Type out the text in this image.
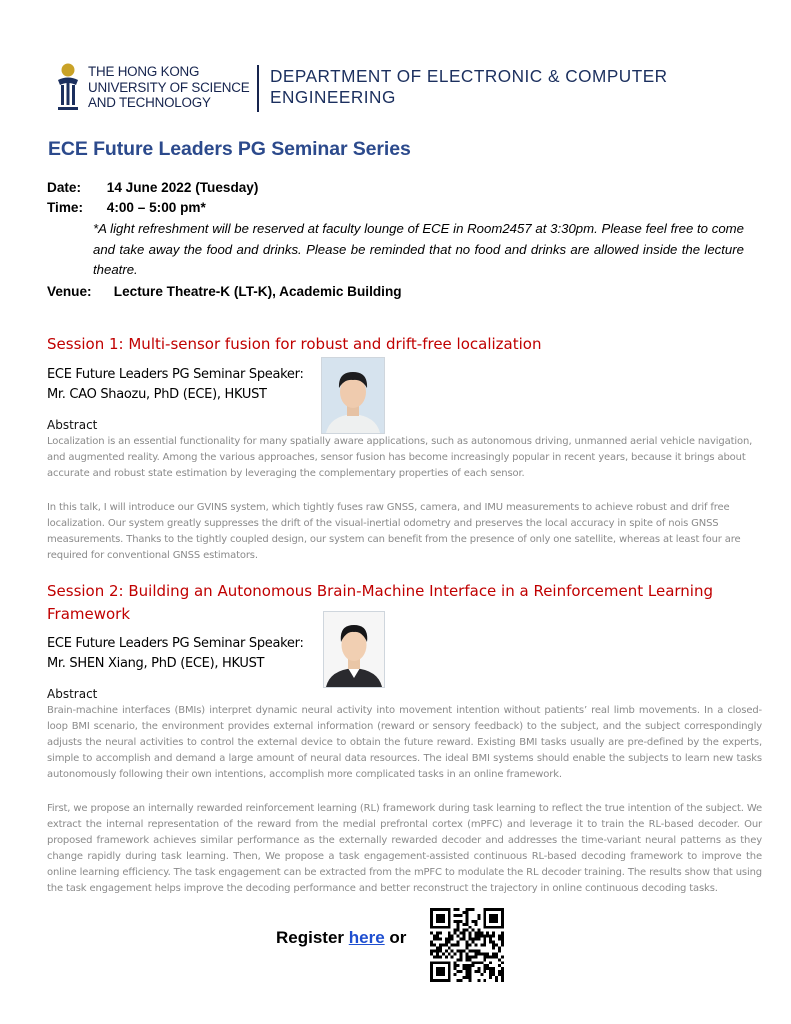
THE HONG KONG
UNIVERSITY OF SCIENCE
AND TECHNOLOGY
DEPARTMENT OF ELECTRONIC & COMPUTER
ENGINEERING
ECE Future Leaders PG Seminar Series
Date: 14 June 2022 (Tuesday)
Time: 4:00 – 5:00 pm*
*A light refreshment will be reserved at faculty lounge of ECE in Room2457 at 3:30pm. Please feel free to come and take away the food and drinks. Please be reminded that no food and drinks are allowed inside the lecture theatre.
Venue: Lecture Theatre-K (LT-K), Academic Building
Session 1: Multi-sensor fusion for robust and drift-free localization
ECE Future Leaders PG Seminar Speaker:
Mr. CAO Shaozu, PhD (ECE), HKUST
Abstract
Localization is an essential functionality for many spatially aware applications, such as autonomous driving, unmanned aerial vehicle navigation, and augmented reality. Among the various approaches, sensor fusion has become increasingly popular in recent years, because it brings about accurate and robust state estimation by leveraging the complementary properties of each sensor.
In this talk, I will introduce our GVINS system, which tightly fuses raw GNSS, camera, and IMU measurements to achieve robust and drif free localization. Our system greatly suppresses the drift of the visual-inertial odometry and preserves the local accuracy in spite of nois GNSS measurements. Thanks to the tightly coupled design, our system can benefit from the presence of only one satellite, whereas at least four are required for conventional GNSS estimators.
Session 2: Building an Autonomous Brain-Machine Interface in a Reinforcement Learning Framework
ECE Future Leaders PG Seminar Speaker:
Mr. SHEN Xiang, PhD (ECE), HKUST
Abstract
Brain-machine interfaces (BMIs) interpret dynamic neural activity into movement intention without patients’ real limb movements. In a closed-loop BMI scenario, the environment provides external information (reward or sensory feedback) to the subject, and the subject correspondingly adjusts the neural activities to control the external device to obtain the future reward. Existing BMI tasks usually are pre-defined by the experts, simple to accomplish and demand a large amount of neural data resources. The ideal BMI systems should enable the subjects to learn new tasks autonomously following their own intentions, accomplish more complicated tasks in an online framework.
First, we propose an internally rewarded reinforcement learning (RL) framework during task learning to reflect the true intention of the subject. We extract the internal representation of the reward from the medial prefrontal cortex (mPFC) and leverage it to train the RL-based decoder. Our proposed framework achieves similar performance as the externally rewarded decoder and addresses the time-variant neural patterns as they change rapidly during task learning. Then, We propose a task engagement-assisted continuous RL-based decoding framework to improve the online learning efficiency. The task engagement can be extracted from the mPFC to modulate the RL decoder training. The results show that using the task engagement helps improve the decoding performance and better reconstruct the trajectory in online continuous decoding tasks.
Register here or
